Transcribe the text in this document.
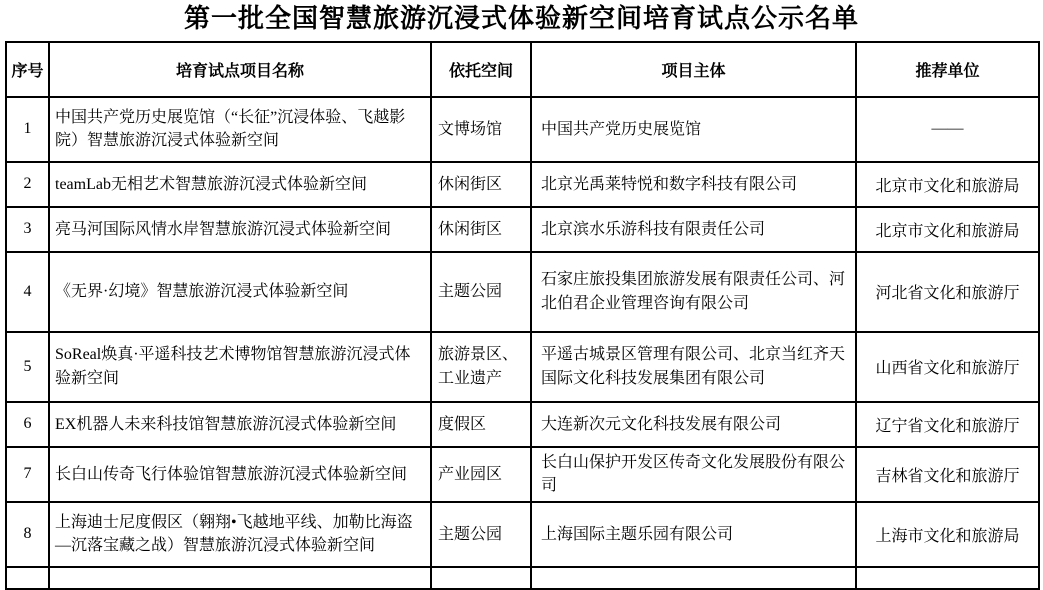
第一批全国智慧旅游沉浸式体验新空间培育试点公示名单
序号	培育试点项目名称	依托空间	项目主体	推荐单位
1	中国共产党历史展览馆（“长征”沉浸体验、飞越影院）智慧旅游沉浸式体验新空间	文博场馆	中国共产党历史展览馆	——
2	teamLab无相艺术智慧旅游沉浸式体验新空间	休闲街区	北京光禹莱特悦和数字科技有限公司	北京市文化和旅游局
3	亮马河国际风情水岸智慧旅游沉浸式体验新空间	休闲街区	北京滨水乐游科技有限责任公司	北京市文化和旅游局
4	《无界·幻境》智慧旅游沉浸式体验新空间	主题公园	石家庄旅投集团旅游发展有限责任公司、河北伯君企业管理咨询有限公司	河北省文化和旅游厅
5	SoReal焕真·平遥科技艺术博物馆智慧旅游沉浸式体验新空间	旅游景区、工业遗产	平遥古城景区管理有限公司、北京当红齐天国际文化科技发展集团有限公司	山西省文化和旅游厅
6	EX机器人未来科技馆智慧旅游沉浸式体验新空间	度假区	大连新次元文化科技发展有限公司	辽宁省文化和旅游厅
7	长白山传奇飞行体验馆智慧旅游沉浸式体验新空间	产业园区	长白山保护开发区传奇文化发展股份有限公司	吉林省文化和旅游厅
8	上海迪士尼度假区（翱翔•飞越地平线、加勒比海盗—沉落宝藏之战）智慧旅游沉浸式体验新空间	主题公园	上海国际主题乐园有限公司	上海市文化和旅游局
